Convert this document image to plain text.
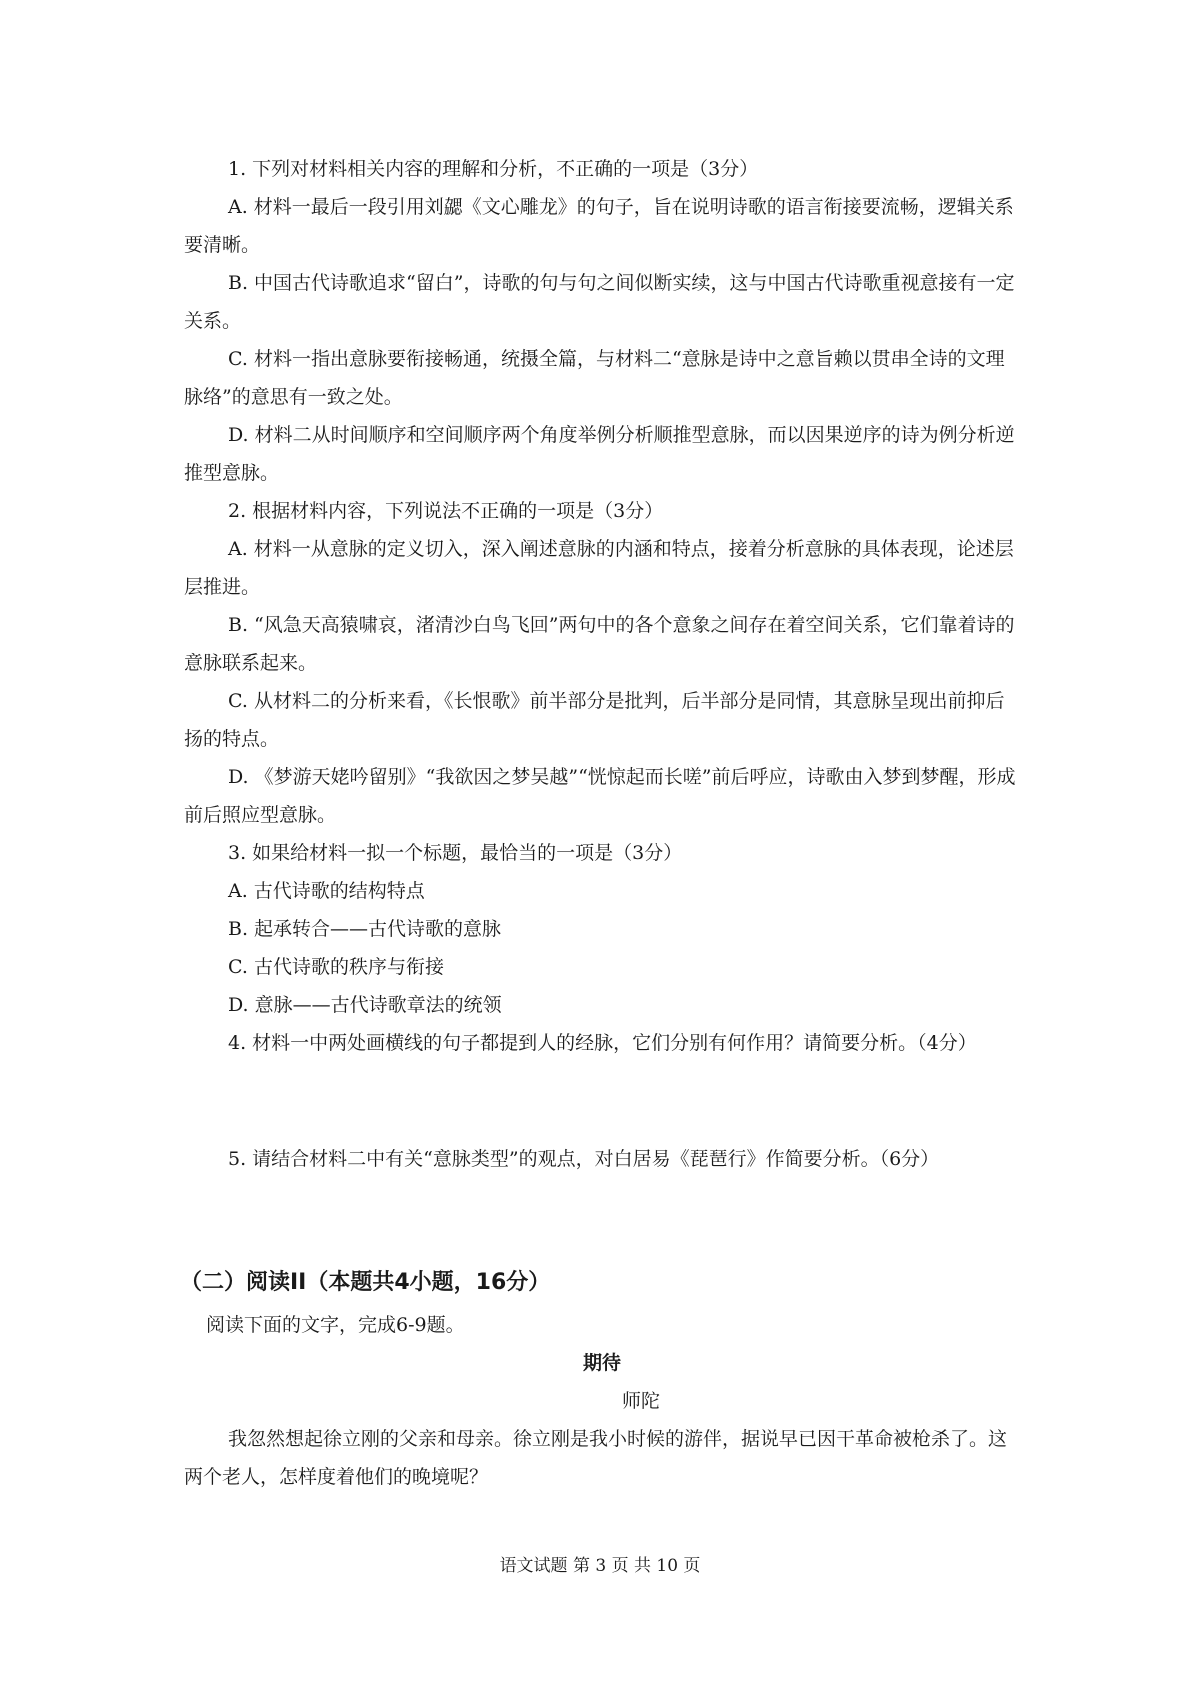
1. 下列对材料相关内容的理解和分析，不正确的一项是（3分）

A. 材料一最后一段引用刘勰《文心雕龙》的句子，旨在说明诗歌的语言衔接要流畅，逻辑关系要清晰。

B. 中国古代诗歌追求“留白”，诗歌的句与句之间似断实续，这与中国古代诗歌重视意接有一定关系。

C. 材料一指出意脉要衔接畅通，统摄全篇，与材料二“意脉是诗中之意旨赖以贯串全诗的文理脉络”的意思有一致之处。

D. 材料二从时间顺序和空间顺序两个角度举例分析顺推型意脉，而以因果逆序的诗为例分析逆推型意脉。

2. 根据材料内容，下列说法不正确的一项是（3分）

A. 材料一从意脉的定义切入，深入阐述意脉的内涵和特点，接着分析意脉的具体表现，论述层层推进。

B. “风急天高猿啸哀，渚清沙白鸟飞回”两句中的各个意象之间存在着空间关系，它们靠着诗的意脉联系起来。

C. 从材料二的分析来看，《长恨歌》前半部分是批判，后半部分是同情，其意脉呈现出前抑后扬的特点。

D. 《梦游天姥吟留别》“我欲因之梦吴越”“恍惊起而长嗟”前后呼应，诗歌由入梦到梦醒，形成前后照应型意脉。

3. 如果给材料一拟一个标题，最恰当的一项是（3分）

A. 古代诗歌的结构特点

B. 起承转合——古代诗歌的意脉

C. 古代诗歌的秩序与衔接

D. 意脉——古代诗歌章法的统领

4. 材料一中两处画横线的句子都提到人的经脉，它们分别有何作用？请简要分析。（4分）

5. 请结合材料二中有关“意脉类型”的观点，对白居易《琵琶行》作简要分析。（6分）

（二）阅读II（本题共4小题，16分）

阅读下面的文字，完成6-9题。

期待

师陀

我忽然想起徐立刚的父亲和母亲。徐立刚是我小时候的游伴，据说早已因干革命被枪杀了。这两个老人，怎样度着他们的晚境呢？

语文试题 第 3 页 共 10 页
